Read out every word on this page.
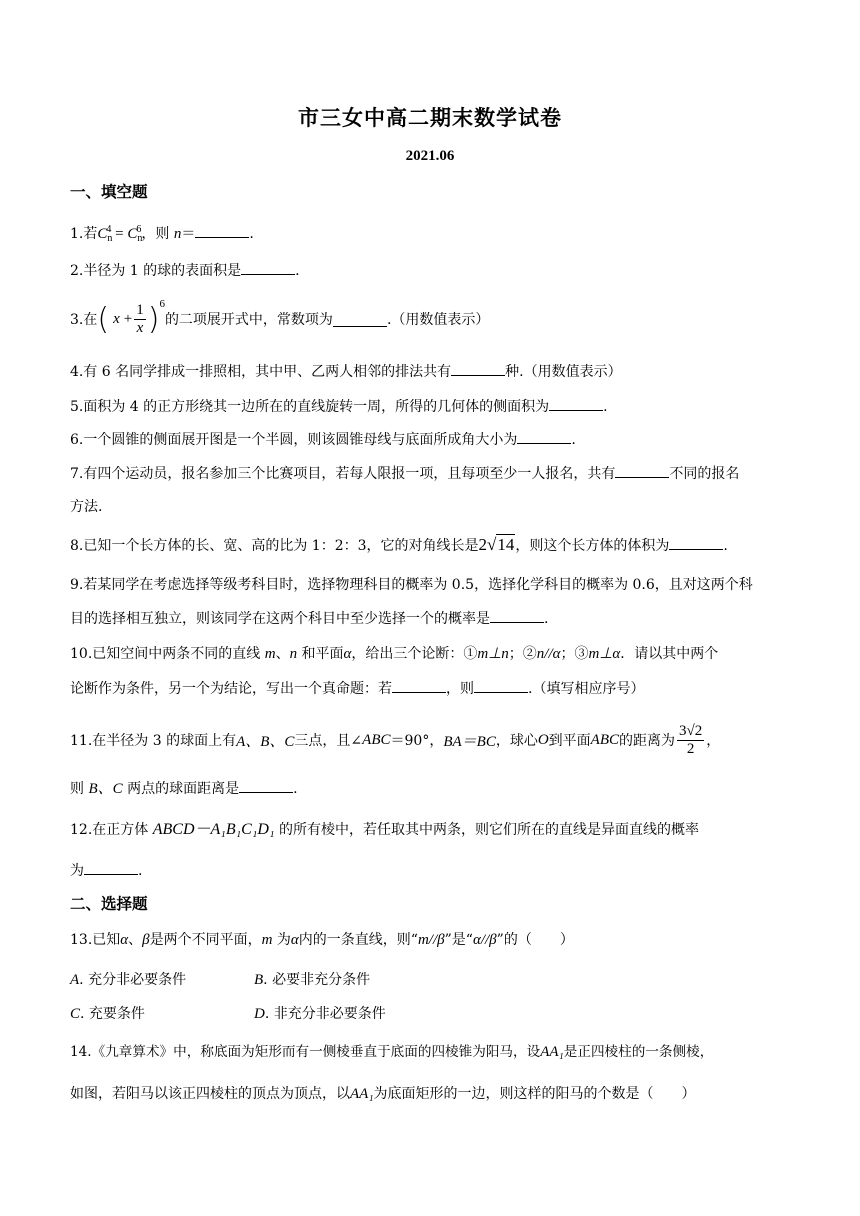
市三女中高二期末数学试卷
2021.06
一、填空题
1.若$C_n^4 = C_n^6$，则 n＝	.
2.半径为 1 的球的表面积是	.
3.在 ( $x + \frac{1}{x}$ ) 6
的二项展开式中，常数项为	.（用数值表示）
4.有 6 名同学排成一排照相，其中甲、乙两人相邻的排法共有	种.（用数值表示）
5.面积为 4 的正方形绕其一边所在的直线旋转一周，所得的几何体的侧面积为	.
6.一个圆锥的侧面展开图是一个半圆，则该圆锥母线与底面所成角大小为	.
7.有四个运动员，报名参加三个比赛项目，若每人限报一项，且每项至少一人报名，共有	不同的报名
方法.
8.已知一个长方体的长、宽、高的比为 1：2：3，它的对角线长是2√14，则这个长方体的体积为	.
9.若某同学在考虑选择等级考科目时，选择物理科目的概率为 0.5，选择化学科目的概率为 0.6，且对这两个科
目的选择相互独立，则该同学在这两个科目中至少选择一个的概率是	.
10.已知空间中两条不同的直线 m、n 和平面α，给出三个论断：①m⊥n；②n//α；③m⊥α．请以其中两个
论断作为条件，另一个为结论，写出一个真命题：若	，则	.（填写相应序号）
11.在半径为 3 的球面上有 A、B、C 三点，且∠ ABC ＝90°， BA＝BC ，球心 O 到平面 ABC 的距离为 $\frac{3√2}{2}$ ，
则 B、C 两点的球面距离是	.
12.在正方体 ABCD－A₁B₁C₁D₁ 的所有棱中，若任取其中两条，则它们所在的直线是异面直线的概率
为	.
二、选择题
13.已知α、β是两个不同平面，m 为α内的一条直线，则“m//β”是“α//β”的（　　）
A. 充分非必要条件	B. 必要非充分条件
C. 充要条件	D. 非充分非必要条件
14.《九章算术》中，称底面为矩形而有一侧棱垂直于底面的四棱锥为阳马，设AA₁是正四棱柱的一条侧棱，
如图，若阳马以该正四棱柱的顶点为顶点，以AA₁为底面矩形的一边，则这样的阳马的个数是（　　）
